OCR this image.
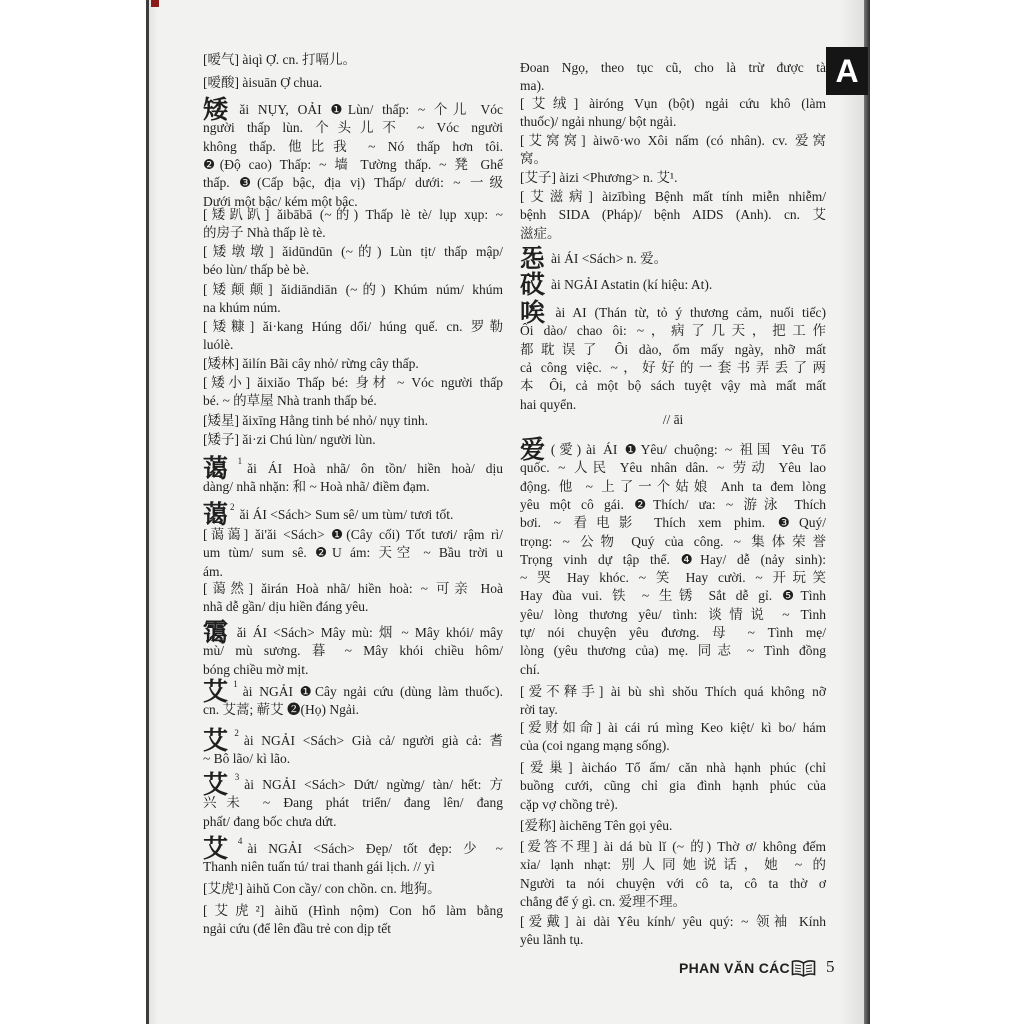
[嗳气] àiqì Ợ. cn. 打嗝儿。
[嗳酸] àisuān Ợ chua.
矮ǎi NỤY, OẢI ❶Lùn/ thấp: ~ 个儿 Vóc
người thấp lùn. 个头儿不 ~ Vóc người
không thấp. 他比我 ~ Nó thấp hơn tôi.
❷(Độ cao) Thấp: ~ 墙 Tường thấp. ~ 凳 Ghế
thấp. ❸(Cấp bậc, địa vị) Thấp/ dưới: ~ 一级
Dưới một bậc/ kém một bậc.
[矮趴趴] ǎibābā (~的) Thấp lè tè/ lụp xụp: ~
的房子 Nhà thấp lè tè.
[矮墩墩] ǎidūndūn (~的) Lùn tịt/ thấp mập/
béo lùn/ thấp bè bè.
[矮颠颠] ǎidiāndiān (~的) Khúm núm/ khúm
na khúm núm.
[矮糠] ǎi·kang Húng dổi/ húng quế. cn. 罗勒
luólè.
[矮林] ǎilín Bãi cây nhỏ/ rừng cây thấp.
[矮小] ǎixiǎo Thấp bé: 身材 ~ Vóc người thấp
bé. ~ 的草屋 Nhà tranh thấp bé.
[矮星] ǎixīng Hằng tinh bé nhỏ/ nụy tinh.
[矮子] ǎi·zi Chú lùn/ người lùn.
蔼 $^1$ ǎi ÁI Hoà nhã/ ôn tồn/ hiền hoà/ dịu
dàng/ nhã nhặn: 和 ~ Hoà nhã/ điềm đạm.
蔼 $^2$ ǎi ÁI <Sách> Sum sê/ um tùm/ tươi tốt.
[蔼蔼] ǎi'ǎi <Sách> ❶(Cây cối) Tốt tươi/ rậm rì/
um tùm/ sum sê. ❷U ám: 天空 ~ Bầu trời u
ám.
[蔼然] ǎirán Hoà nhã/ hiền hoà: ~ 可亲 Hoà
nhã dễ gần/ dịu hiền đáng yêu.
霭ǎi ÁI <Sách> Mây mù: 烟 ~ Mây khói/ mây
mù/ mù sương. 暮 ~ Mây khói chiều hôm/
bóng chiều mờ mịt.
艾 $^1$ ài NGẢI ❶Cây ngải cứu (dùng làm thuốc).
cn. 艾蒿; 蕲艾 ❷(Họ) Ngải.
艾 $^2$ ài NGẢI <Sách> Già cả/ người già cả: 耆
~ Bô lão/ kì lão.
艾 $^3$ ài NGẢI <Sách> Dứt/ ngừng/ tàn/ hết: 方
兴未 ~ Đang phát triển/ đang lên/ đang
phất/ đang bốc chưa dứt.
艾 $^4$ ài NGẢI <Sách> Đẹp/ tốt đẹp: 少 ~
Thanh niên tuấn tú/ trai thanh gái lịch. // yì
[艾虎¹] àihǔ Con cầy/ con chồn. cn. 地狗。
[艾虎²] àihǔ (Hình nộm) Con hổ làm bằng
ngải cứu (để lên đầu trẻ con dịp tết
Đoan Ngọ, theo tục cũ, cho là trừ được tà
ma).
[艾绒] àiróng Vụn (bột) ngải cứu khô (làm
thuốc)/ ngải nhung/ bột ngải.
[艾窝窝] àiwō·wo Xôi nấm (có nhân). cv. 爱窝
窝。
[艾子] àizi <Phương> n. 艾¹.
[艾滋病] àizībìng Bệnh mất tính miễn nhiễm/
bệnh SIDA (Pháp)/ bệnh AIDS (Anh). cn. 艾
滋症。
㤅ài ÁI <Sách> n. 爱。
砹ài NGẢI Astatin (kí hiệu: At).
唉ài AI (Thán từ, tỏ ý thương cảm, nuối tiếc)
Ôi dào/ chao ôi: ~，病了几天，把工作
都耽误了 Ôi dào, ốm mấy ngày, nhỡ mất
cả công việc. ~，好好的一套书弄丢了两
本 Ôi, cả một bộ sách tuyệt vậy mà mất mất
hai quyển.
// āi
爱 (愛) ài ÁI ❶Yêu/ chuộng: ~ 祖国 Yêu Tổ
quốc. ~ 人民 Yêu nhân dân. ~ 劳动 Yêu lao
động. 他 ~ 上了一个姑娘 Anh ta đem lòng
yêu một cô gái. ❷Thích/ ưa: ~ 游泳 Thích
bơi. ~ 看电影 Thích xem phim. ❸Quý/
trọng: ~ 公物 Quý của công. ~ 集体荣誉
Trọng vinh dự tập thể. ❹Hay/ dễ (nảy sinh):
~ 哭 Hay khóc. ~ 笑 Hay cười. ~ 开玩笑
Hay đùa vui. 铁 ~ 生锈 Sắt dễ gỉ. ❺Tình
yêu/ lòng thương yêu/ tình: 谈情说 ~ Tình
tự/ nói chuyện yêu đương. 母 ~ Tình mẹ/
lòng (yêu thương của) mẹ. 同志 ~ Tình đồng
chí.
[爱不释手] ài bù shì shǒu Thích quá không nỡ
rời tay.
[爱财如命] ài cái rú mìng Keo kiệt/ kì bo/ hám
của (coi ngang mạng sống).
[爱巢] àicháo Tổ ấm/ căn nhà hạnh phúc (chỉ
buồng cưới, cũng chỉ gia đình hạnh phúc của
cặp vợ chồng trẻ).
[爱称] àichēng Tên gọi yêu.
[爱答不理] ài dá bù lǐ (~ 的) Thờ ơ/ không đếm
xỉa/ lạnh nhạt: 别人同她说话，她 ~ 的
Người ta nói chuyện với cô ta, cô ta thờ ơ
chẳng để ý gì. cn. 爱理不理。
[爱戴] ài dài Yêu kính/ yêu quý: ~ 领袖 Kính
yêu lãnh tụ.
A
PHAN VĂN CÁC 5
